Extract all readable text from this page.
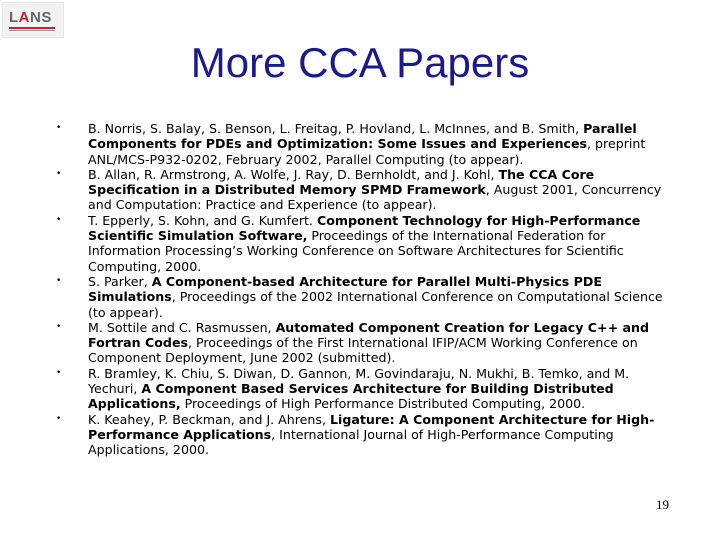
LANS
More CCA Papers
• B. Norris, S. Balay, S. Benson, L. Freitag, P. Hovland, L. McInnes, and B. Smith, Parallel Components for PDEs and Optimization: Some Issues and Experiences, preprint ANL/MCS-P932-0202, February 2002, Parallel Computing (to appear).
• B. Allan, R. Armstrong, A. Wolfe, J. Ray, D. Bernholdt, and J. Kohl, The CCA Core Specification in a Distributed Memory SPMD Framework, August 2001, Concurrency and Computation: Practice and Experience (to appear).
• T. Epperly, S. Kohn, and G. Kumfert. Component Technology for High-Performance Scientific Simulation Software, Proceedings of the International Federation for Information Processing’s Working Conference on Software Architectures for Scientific Computing, 2000.
• S. Parker, A Component-based Architecture for Parallel Multi-Physics PDE Simulations, Proceedings of the 2002 International Conference on Computational Science (to appear).
• M. Sottile and C. Rasmussen, Automated Component Creation for Legacy C++ and Fortran Codes, Proceedings of the First International IFIP/ACM Working Conference on Component Deployment, June 2002 (submitted).
• R. Bramley, K. Chiu, S. Diwan, D. Gannon, M. Govindaraju, N. Mukhi, B. Temko, and M. Yechuri, A Component Based Services Architecture for Building Distributed Applications, Proceedings of High Performance Distributed Computing, 2000.
• K. Keahey, P. Beckman, and J. Ahrens, Ligature: A Component Architecture for High-Performance Applications, International Journal of High-Performance Computing Applications, 2000.
19
